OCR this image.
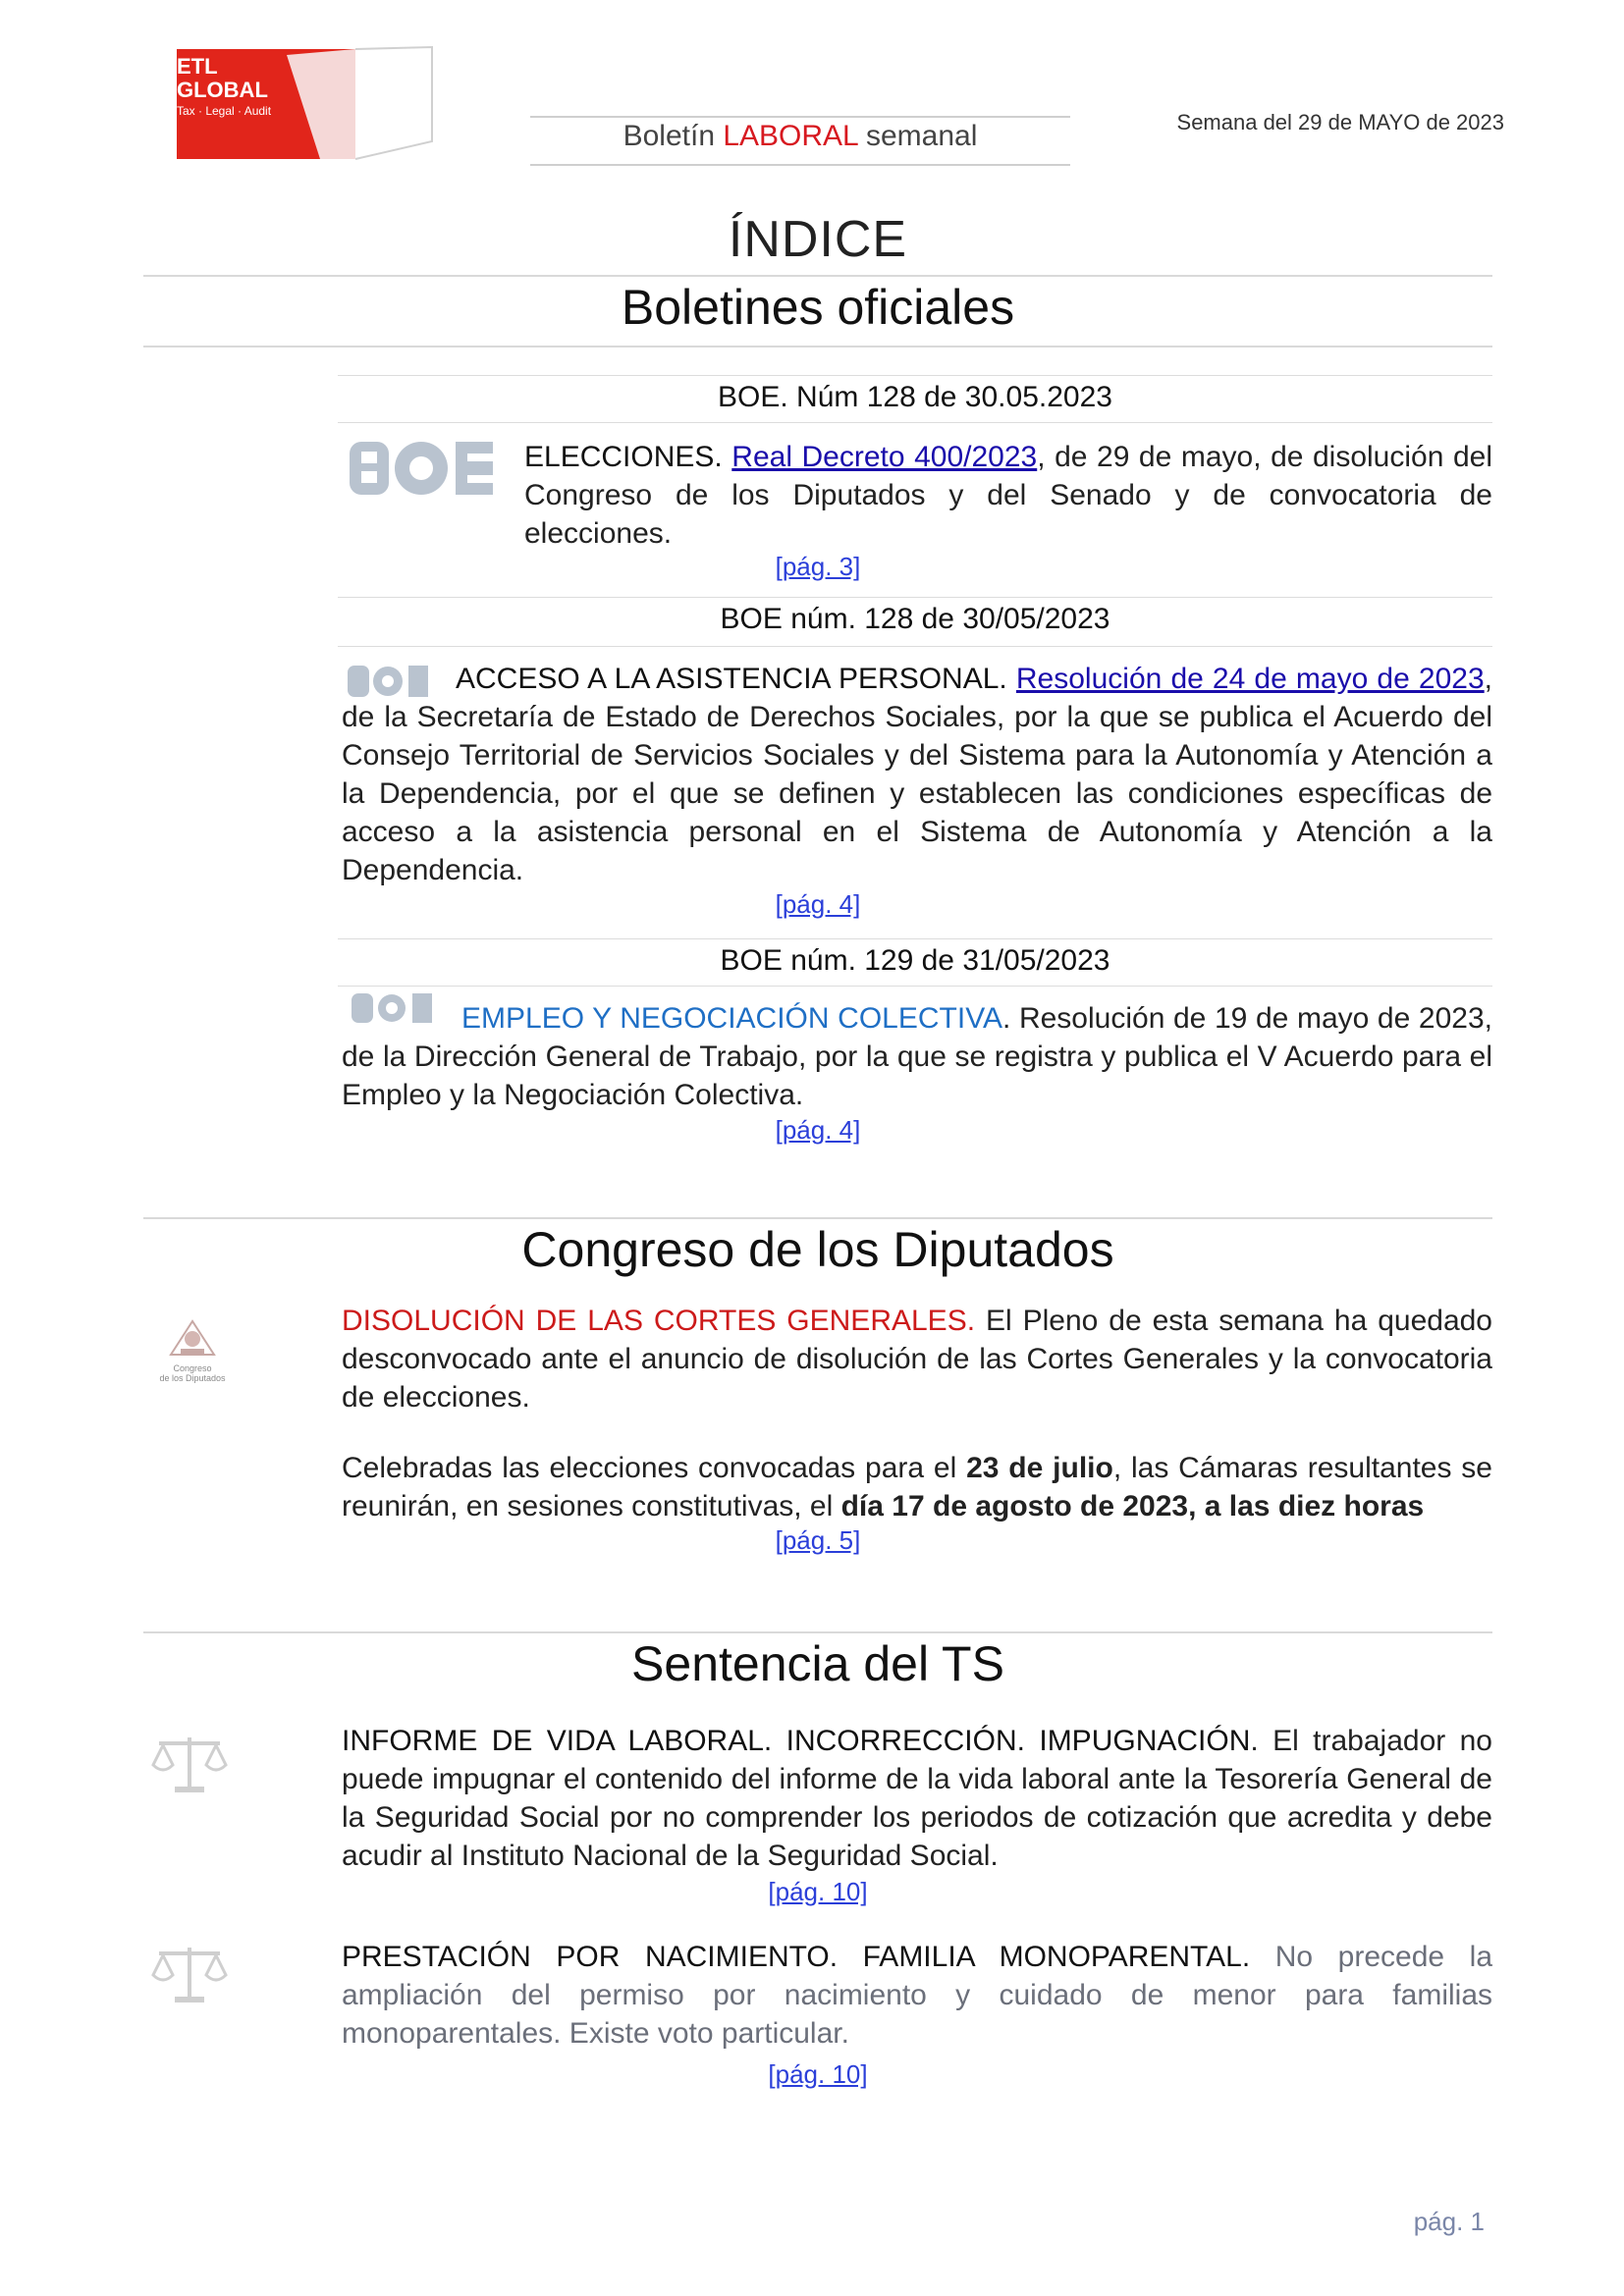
ETL
GLOBAL
Tax · Legal · Audit
Boletín LABORAL semanal	Semana del 29 de MAYO de 2023
ÍNDICE
Boletines oficiales
BOE. Núm 128 de 30.05.2023
ELECCIONES. Real Decreto 400/2023, de 29 de mayo, de disolución del Congreso de los Diputados y del Senado y de convocatoria de elecciones.
[pág. 3]
BOE núm. 128 de 30/05/2023
ACCESO A LA ASISTENCIA PERSONAL. Resolución de 24 de mayo de 2023, de la Secretaría de Estado de Derechos Sociales, por la que se publica el Acuerdo del Consejo Territorial de Servicios Sociales y del Sistema para la Autonomía y Atención a la Dependencia, por el que se definen y establecen las condiciones específicas de acceso a la asistencia personal en el Sistema de Autonomía y Atención a la Dependencia.
[pág. 4]
BOE núm. 129 de 31/05/2023
EMPLEO Y NEGOCIACIÓN COLECTIVA. Resolución de 19 de mayo de 2023, de la Dirección General de Trabajo, por la que se registra y publica el V Acuerdo para el Empleo y la Negociación Colectiva.
[pág. 4]
Congreso de los Diputados
Congreso
de los Diputados
DISOLUCIÓN DE LAS CORTES GENERALES. El Pleno de esta semana ha quedado desconvocado ante el anuncio de disolución de las Cortes Generales y la convocatoria de elecciones.
Celebradas las elecciones convocadas para el 23 de julio, las Cámaras resultantes se reunirán, en sesiones constitutivas, el día 17 de agosto de 2023, a las diez horas
[pág. 5]
Sentencia del TS
INFORME DE VIDA LABORAL. INCORRECCIÓN. IMPUGNACIÓN. El trabajador no puede impugnar el contenido del informe de la vida laboral ante la Tesorería General de la Seguridad Social por no comprender los periodos de cotización que acredita y debe acudir al Instituto Nacional de la Seguridad Social.
[pág. 10]
PRESTACIÓN POR NACIMIENTO. FAMILIA MONOPARENTAL. No precede la ampliación del permiso por nacimiento y cuidado de menor para familias monoparentales. Existe voto particular.
[pág. 10]
pág. 1
